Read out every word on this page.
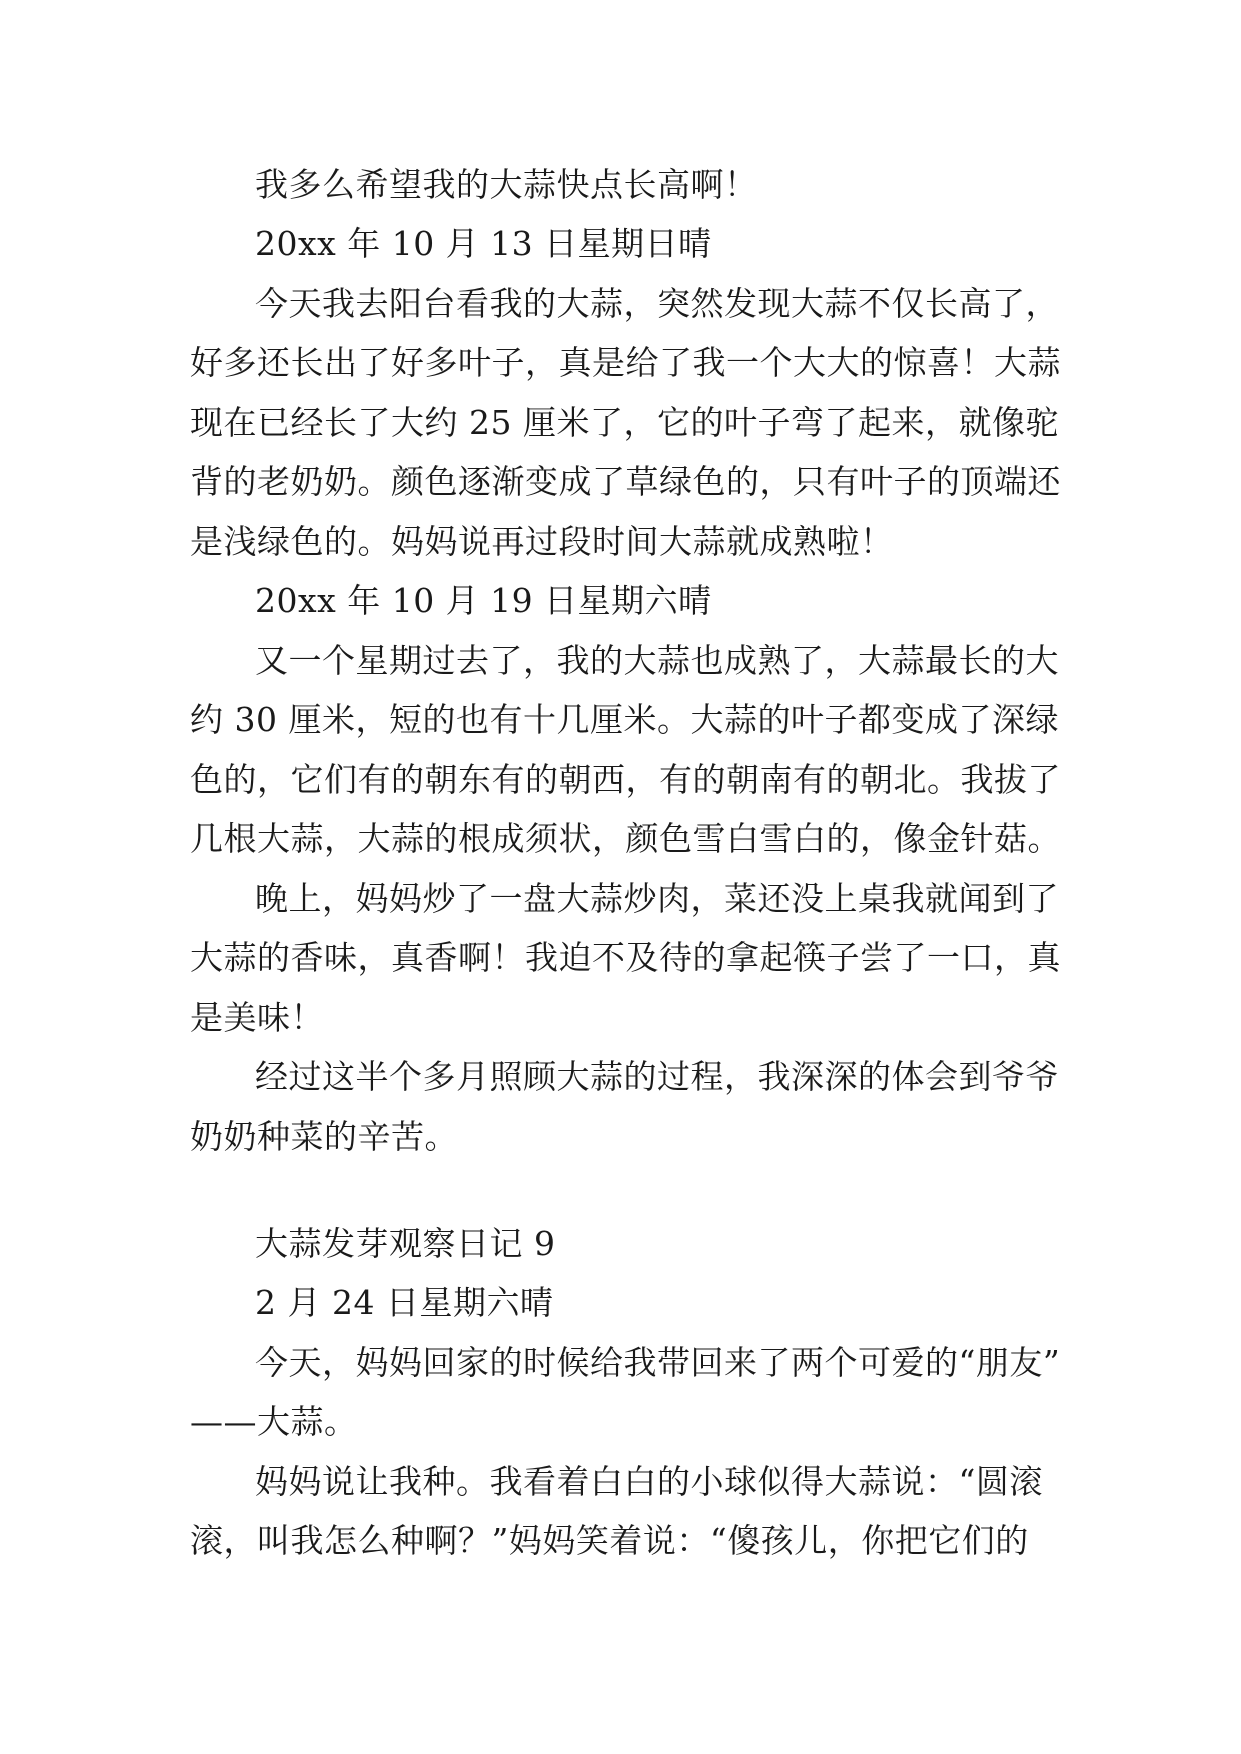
我多么希望我的大蒜快点长高啊！
20xx 年 10 月 13 日星期日晴
今天我去阳台看我的大蒜，突然发现大蒜不仅长高了，
好多还长出了好多叶子，真是给了我一个大大的惊喜！大蒜
现在已经长了大约 25 厘米了，它的叶子弯了起来，就像驼
背的老奶奶。颜色逐渐变成了草绿色的，只有叶子的顶端还
是浅绿色的。妈妈说再过段时间大蒜就成熟啦！
20xx 年 10 月 19 日星期六晴
又一个星期过去了，我的大蒜也成熟了，大蒜最长的大
约 30 厘米，短的也有十几厘米。大蒜的叶子都变成了深绿
色的，它们有的朝东有的朝西，有的朝南有的朝北。我拔了
几根大蒜，大蒜的根成须状，颜色雪白雪白的，像金针菇。
晚上，妈妈炒了一盘大蒜炒肉，菜还没上桌我就闻到了
大蒜的香味，真香啊！我迫不及待的拿起筷子尝了一口，真
是美味！
经过这半个多月照顾大蒜的过程，我深深的体会到爷爷
奶奶种菜的辛苦。
大蒜发芽观察日记 9
2 月 24 日星期六晴
今天，妈妈回家的时候给我带回来了两个可爱的“朋友”
——大蒜。
妈妈说让我种。我看着白白的小球似得大蒜说：“圆滚
滚，叫我怎么种啊？”妈妈笑着说：“傻孩儿，你把它们的
